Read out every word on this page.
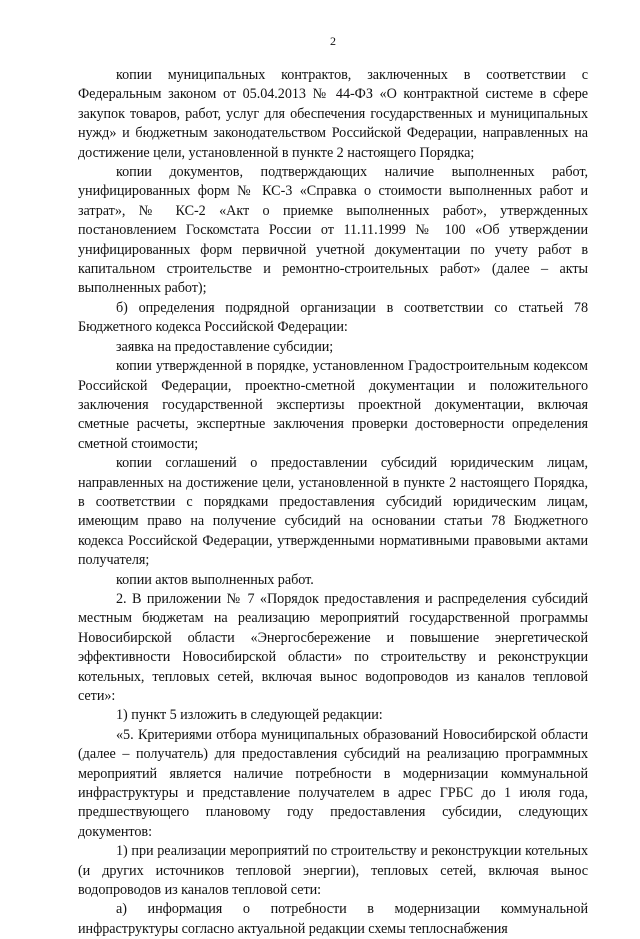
2

копии муниципальных контрактов, заключенных в соответствии с Федеральным законом от 05.04.2013 № 44-ФЗ «О контрактной системе в сфере закупок товаров, работ, услуг для обеспечения государственных и муниципальных нужд» и бюджетным законодательством Российской Федерации, направленных на достижение цели, установленной в пункте 2 настоящего Порядка;

копии документов, подтверждающих наличие выполненных работ, унифицированных форм № КС-3 «Справка о стоимости выполненных работ и затрат», № КС-2 «Акт о приемке выполненных работ», утвержденных постановлением Госкомстата России от 11.11.1999 № 100 «Об утверждении унифицированных форм первичной учетной документации по учету работ в капитальном строительстве и ремонтно-строительных работ» (далее – акты выполненных работ);

б) определения подрядной организации в соответствии со статьей 78 Бюджетного кодекса Российской Федерации:

заявка на предоставление субсидии;

копии утвержденной в порядке, установленном Градостроительным кодексом Российской Федерации, проектно-сметной документации и положительного заключения государственной экспертизы проектной документации, включая сметные расчеты, экспертные заключения проверки достоверности определения сметной стоимости;

копии соглашений о предоставлении субсидий юридическим лицам, направленных на достижение цели, установленной в пункте 2 настоящего Порядка, в соответствии с порядками предоставления субсидий юридическим лицам, имеющим право на получение субсидий на основании статьи 78 Бюджетного кодекса Российской Федерации, утвержденными нормативными правовыми актами получателя;

копии актов выполненных работ.

2. В приложении № 7 «Порядок предоставления и распределения субсидий местным бюджетам на реализацию мероприятий государственной программы Новосибирской области «Энергосбережение и повышение энергетической эффективности Новосибирской области» по строительству и реконструкции котельных, тепловых сетей, включая вынос водопроводов из каналов тепловой сети»:

1) пункт 5 изложить в следующей редакции:

«5. Критериями отбора муниципальных образований Новосибирской области (далее – получатель) для предоставления субсидий на реализацию программных мероприятий является наличие потребности в модернизации коммунальной инфраструктуры и представление получателем в адрес ГРБС до 1 июля года, предшествующего плановому году предоставления субсидии, следующих документов:

1) при реализации мероприятий по строительству и реконструкции котельных (и других источников тепловой энергии), тепловых сетей, включая вынос водопроводов из каналов тепловой сети:

а) информация о потребности в модернизации коммунальной инфраструктуры согласно актуальной редакции схемы теплоснабжения
